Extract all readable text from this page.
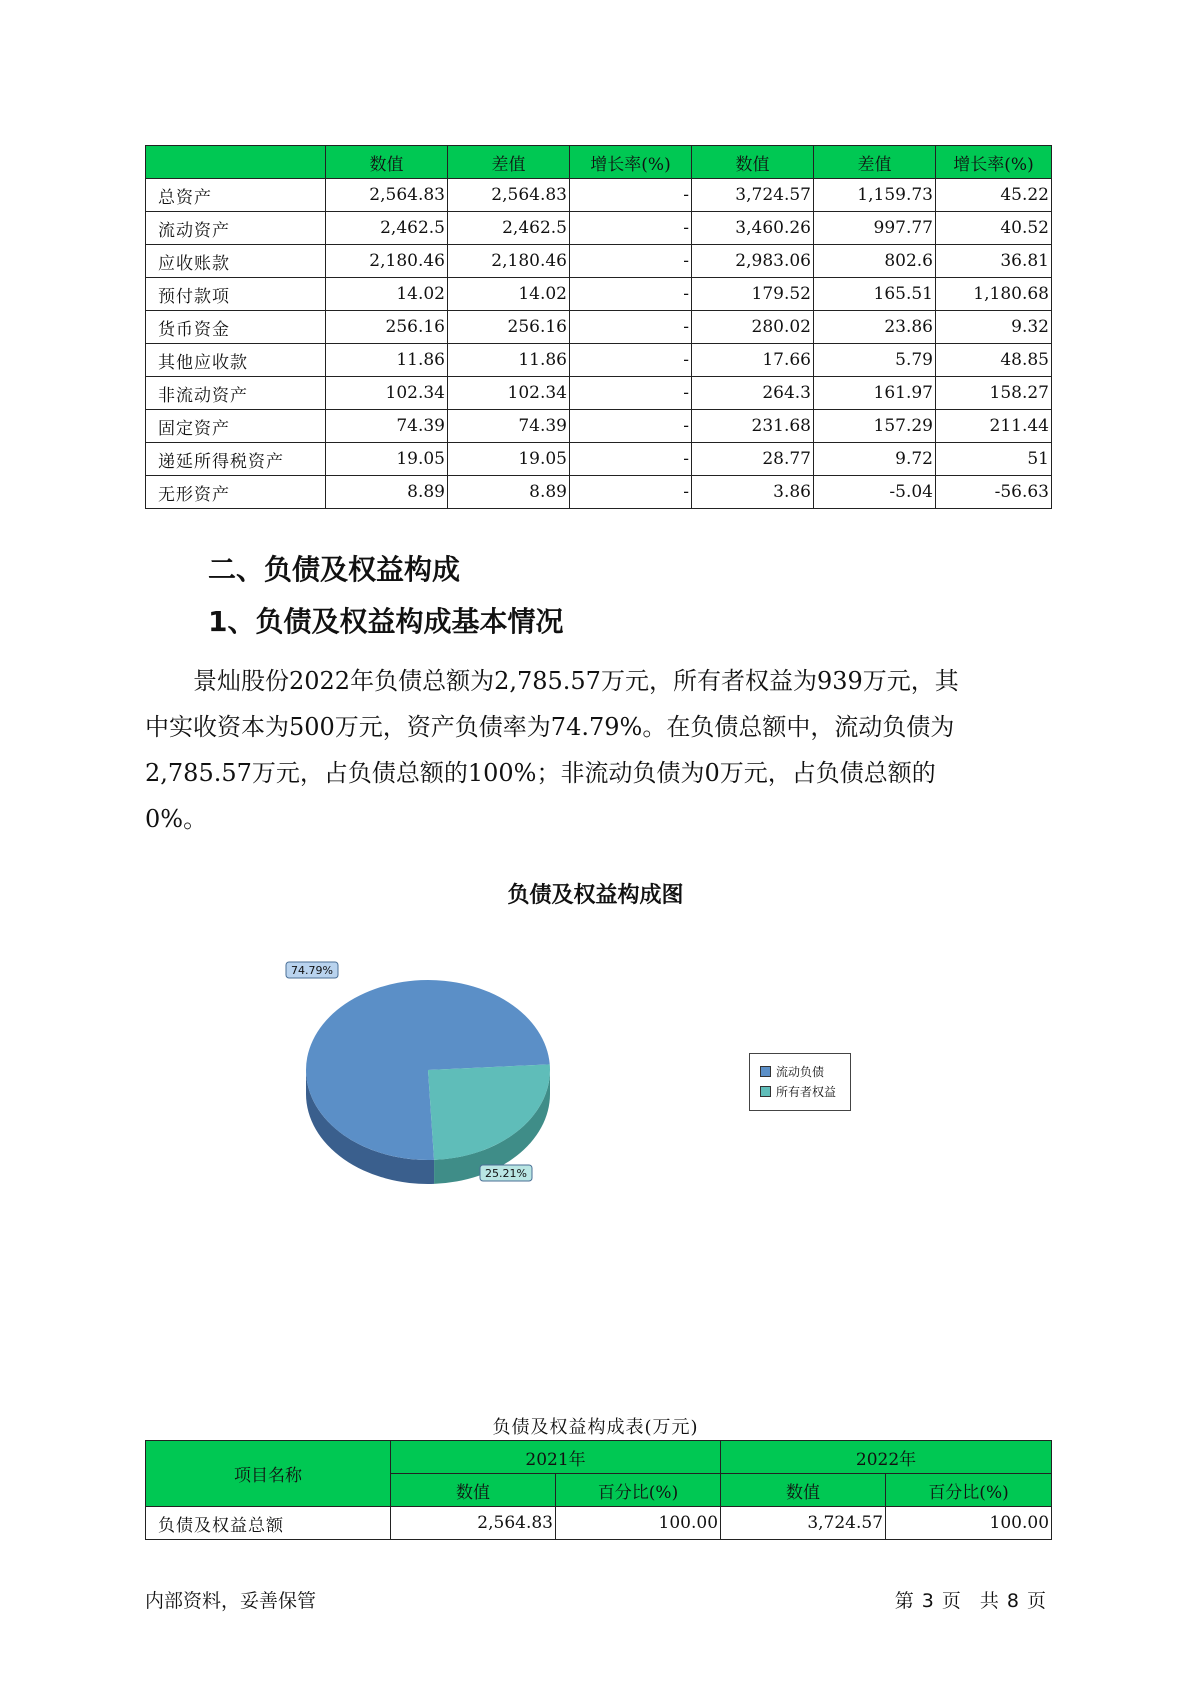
	数值	差值	增长率(%)	数值	差值	增长率(%)
总资产	2,564.83	2,564.83	-	3,724.57	1,159.73	45.22
流动资产	2,462.5	2,462.5	-	3,460.26	997.77	40.52
应收账款	2,180.46	2,180.46	-	2,983.06	802.6	36.81
预付款项	14.02	14.02	-	179.52	165.51	1,180.68
货币资金	256.16	256.16	-	280.02	23.86	9.32
其他应收款	11.86	11.86	-	17.66	5.79	48.85
非流动资产	102.34	102.34	-	264.3	161.97	158.27
固定资产	74.39	74.39	-	231.68	157.29	211.44
递延所得税资产	19.05	19.05	-	28.77	9.72	51
无形资产	8.89	8.89	-	3.86	-5.04	-56.63
二、负债及权益构成
1、负债及权益构成基本情况
　　景灿股份2022年负债总额为2,785.57万元，所有者权益为939万元，其
中实收资本为500万元，资产负债率为74.79%。在负债总额中，流动负债为
2,785.57万元，占负债总额的100%；非流动负债为0万元，占负债总额的
0%。
负债及权益构成图
74.79%
25.21%
流动负债
所有者权益
负债及权益构成表(万元)
项目名称	2021年		2022年	
	数值	百分比(%)	数值	百分比(%)
负债及权益总额	2,564.83	100.00	3,724.57	100.00
内部资料，妥善保管	第 3 页　共 8 页
